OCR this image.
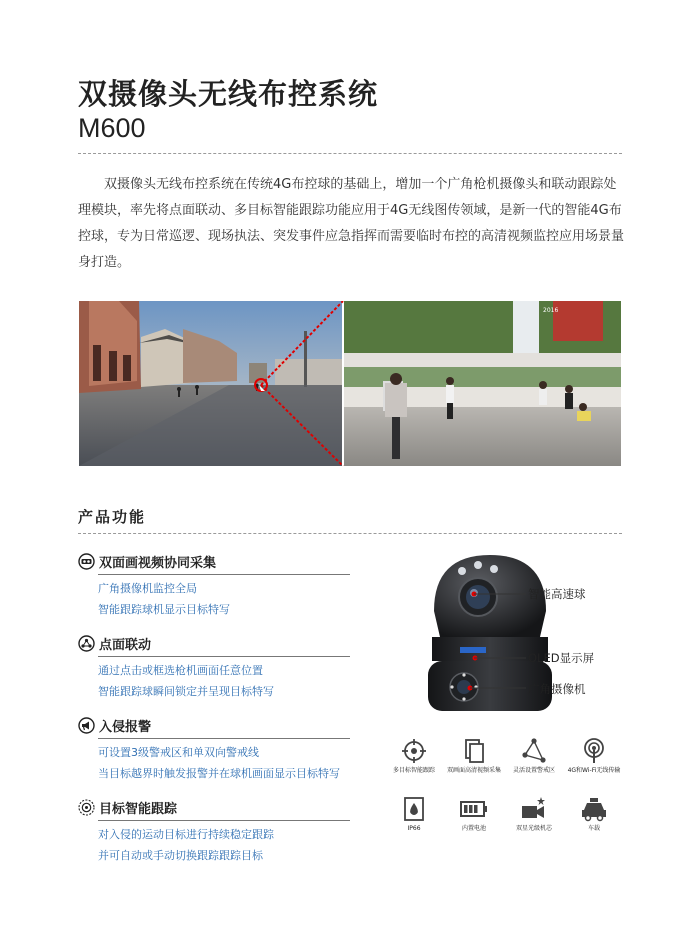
双摄像头无线布控系统
M600
双摄像头无线布控系统在传统4G布控球的基础上，增加一个广角枪机摄像头和联动跟踪处理模块，率先将点面联动、多目标智能跟踪功能应用于4G无线图传领域，是新一代的智能4G布控球，专为日常巡逻、现场执法、突发事件应急指挥而需要临时布控的高清视频监控应用场景量身打造。
2016
产品功能
双面画视频协同采集
广角摄像机监控全局
智能跟踪球机显示目标特写
点面联动
通过点击或框选枪机画面任意位置
智能跟踪球瞬间锁定并呈现目标特写
入侵报警
可设置3级警戒区和单双向警戒线
当目标越界时触发报警并在球机画面显示目标特写
目标智能跟踪
对入侵的运动目标进行持续稳定跟踪
并可自动或手动切换跟踪跟踪目标
智能高速球
OLED显示屏
广角摄像机
多目标智能跟踪	双画面高清视频采集	灵活设置警戒区	4G和Wi-Fi无线传输
IP66	内置电池	双星光级机芯	车载
